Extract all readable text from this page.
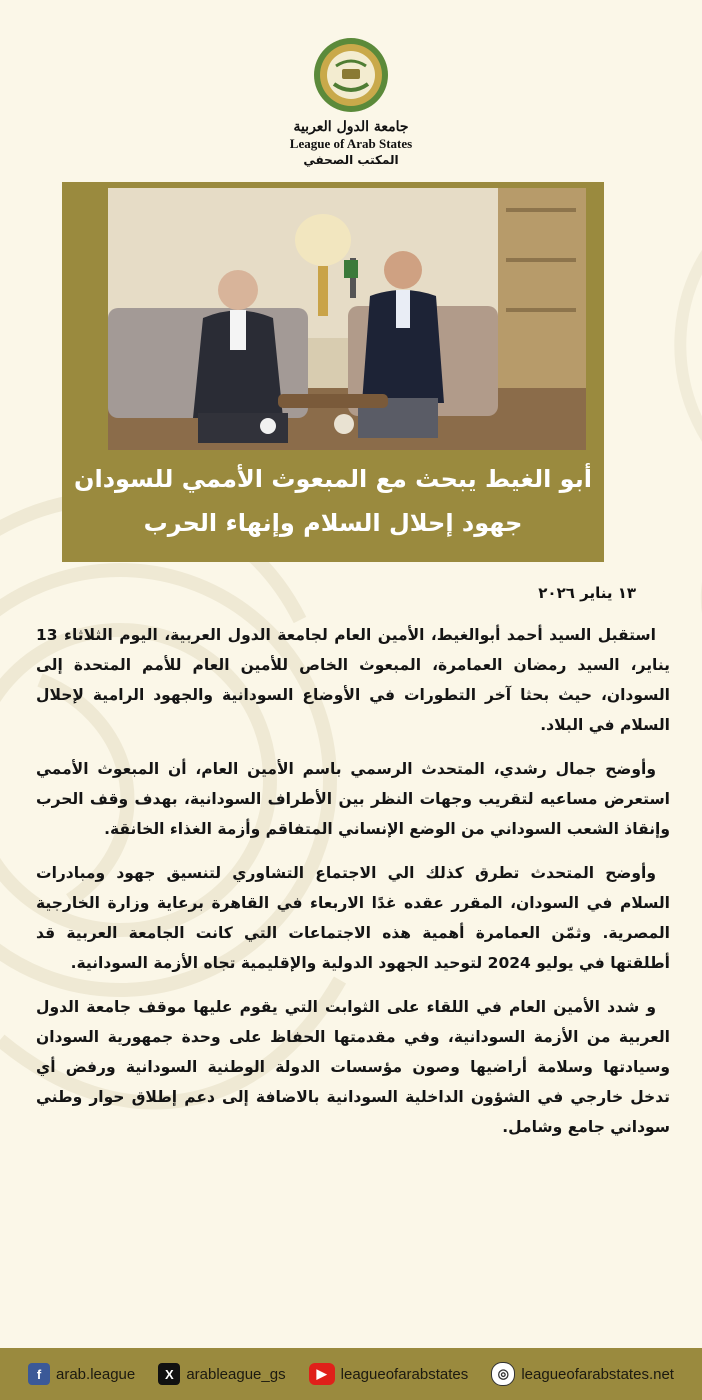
جامعة الدول العربية
League of Arab States
المكتب الصحفي
أبو الغيط يبحث مع المبعوث الأممي للسودان
جهود إحلال السلام وإنهاء الحرب
١٣ يناير ٢٠٢٦

استقبل السيد أحمد أبوالغيط، الأمين العام لجامعة الدول العربية، اليوم الثلاثاء 13 يناير، السيد رمضان العمامرة، المبعوث الخاص للأمين العام للأمم المتحدة إلى السودان، حيث بحثا آخر التطورات في الأوضاع السودانية والجهود الرامية لإحلال السلام في البلاد.

وأوضح جمال رشدي، المتحدث الرسمي باسم الأمين العام، أن المبعوث الأممي استعرض مساعيه لتقريب وجهات النظر بين الأطراف السودانية، بهدف وقف الحرب وإنقاذ الشعب السوداني من الوضع الإنساني المتفاقم وأزمة الغذاء الخانقة.

وأوضح المتحدث تطرق كذلك الي الاجتماع التشاوري لتنسيق جهود ومبادرات السلام في السودان، المقرر عقده غدًا الاربعاء في القاهرة برعاية وزارة الخارجية المصرية. وثمّن العمامرة أهمية هذه الاجتماعات التي كانت الجامعة العربية قد أطلقتها في يوليو 2024 لتوحيد الجهود الدولية والإقليمية تجاه الأزمة السودانية.

و شدد الأمين العام في اللقاء على الثوابت التي يقوم عليها موقف جامعة الدول العربية من الأزمة السودانية، وفي مقدمتها الحفاظ على وحدة جمهورية السودان وسيادتها وسلامة أراضيها وصون مؤسسات الدولة الوطنية السودانية ورفض أي تدخل خارجي في الشؤون الداخلية السودانية بالاضافة إلى دعم إطلاق حوار وطني سوداني جامع وشامل.

f arab.league	X arableague_gs	▶ leagueofarabstates	◎ leagueofarabstates.net
